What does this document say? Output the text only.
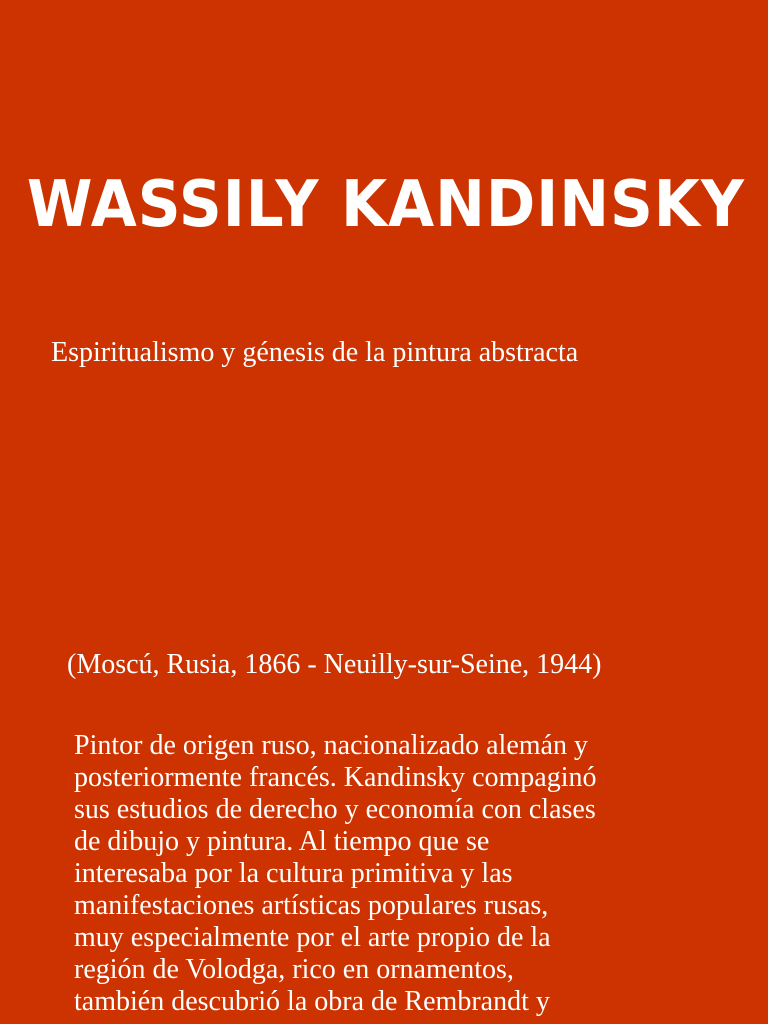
WASSILY KANDINSKY

Espiritualismo y génesis de la pintura abstracta

(Moscú, Rusia, 1866 - Neuilly-sur-Seine, 1944)

Pintor de origen ruso, nacionalizado alemán y
posteriormente francés. Kandinsky compaginó
sus estudios de derecho y economía con clases
de dibujo y pintura. Al tiempo que se
interesaba por la cultura primitiva y las
manifestaciones artísticas populares rusas,
muy especialmente por el arte propio de la
región de Volodga, rico en ornamentos,
también descubrió la obra de Rembrandt y
